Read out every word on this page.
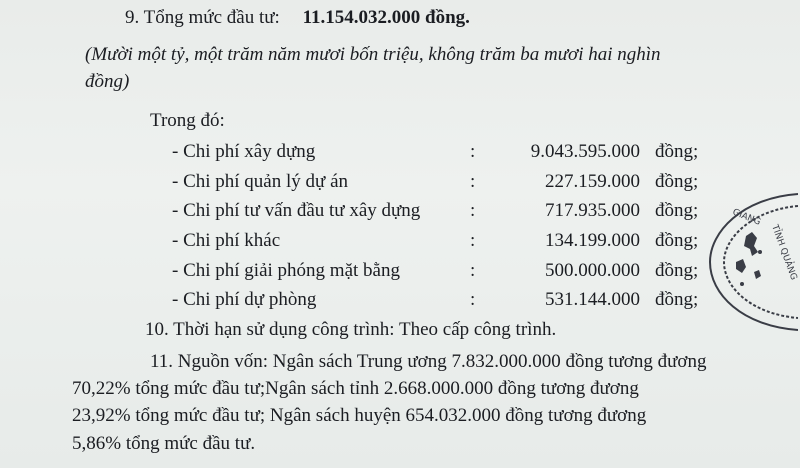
9. Tổng mức đầu tư: 11.154.032.000 đồng.
(Mười một tỷ, một trăm năm mươi bốn triệu, không trăm ba mươi hai nghìn
đồng)
Trong đó:
- Chi phí xây dựng	:	9.043.595.000 đồng;
- Chi phí quản lý dự án	:	227.159.000 đồng;
- Chi phí tư vấn đầu tư xây dựng	:	717.935.000 đồng;
- Chi phí khác	:	134.199.000 đồng;
- Chi phí giải phóng mặt bằng	:	500.000.000 đồng;
- Chi phí dự phòng	:	531.144.000 đồng;
10. Thời hạn sử dụng công trình: Theo cấp công trình.
11. Nguồn vốn: Ngân sách Trung ương 7.832.000.000 đồng tương đương
70,22% tổng mức đầu tư;Ngân sách tỉnh 2.668.000.000 đồng tương đương
23,92% tổng mức đầu tư; Ngân sách huyện 654.032.000 đồng tương đương
5,86% tổng mức đầu tư.
GIANG
TỈNH QUẢNG
